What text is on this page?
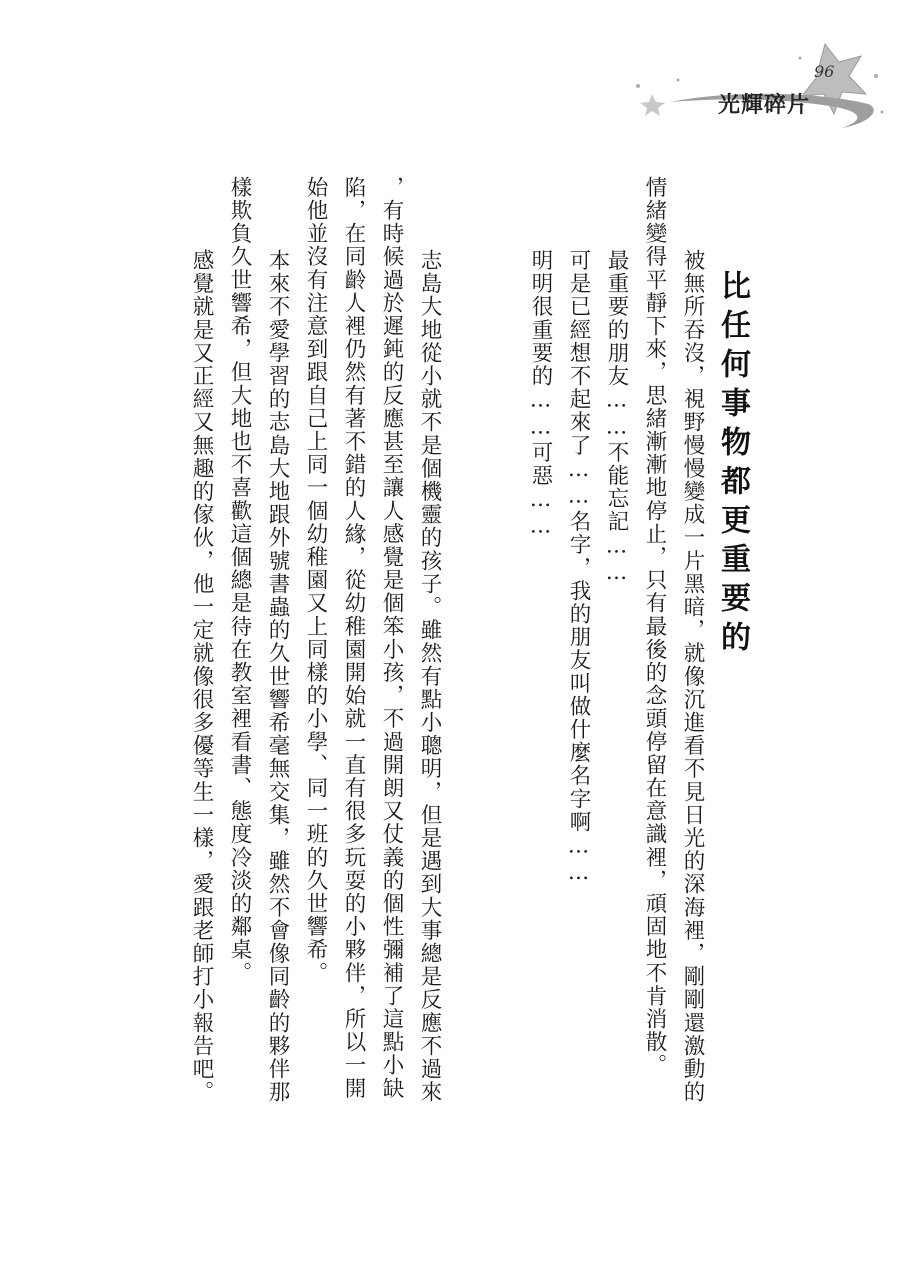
光輝碎片
96
比任何事物都更重要的
　被無所吞沒，視野慢慢變成一片黑暗，就像沉進看不見日光的深海裡，剛剛還激動的
情緒變得平靜下來，思緒漸漸地停止，只有最後的念頭停留在意識裡，頑固地不肯消散。
　最重要的朋友……不能忘記……
　可是已經想不起來了……名字，我的朋友叫做什麼名字啊……
　明明很重要的……可惡……
　志島大地從小就不是個機靈的孩子。雖然有點小聰明，但是遇到大事總是反應不過來
，有時候過於遲鈍的反應甚至讓人感覺是個笨小孩，不過開朗又仗義的個性彌補了這點小缺
陷，在同齡人裡仍然有著不錯的人緣，從幼稚園開始就一直有很多玩耍的小夥伴，所以一開
始他並沒有注意到跟自己上同一個幼稚園又上同樣的小學、同一班的久世響希。
　本來不愛學習的志島大地跟外號書蟲的久世響希毫無交集，雖然不會像同齡的夥伴那
樣欺負久世響希，但大地也不喜歡這個總是待在教室裡看書、態度冷淡的鄰桌。
　感覺就是又正經又無趣的傢伙，他一定就像很多優等生一樣，愛跟老師打小報告吧。
